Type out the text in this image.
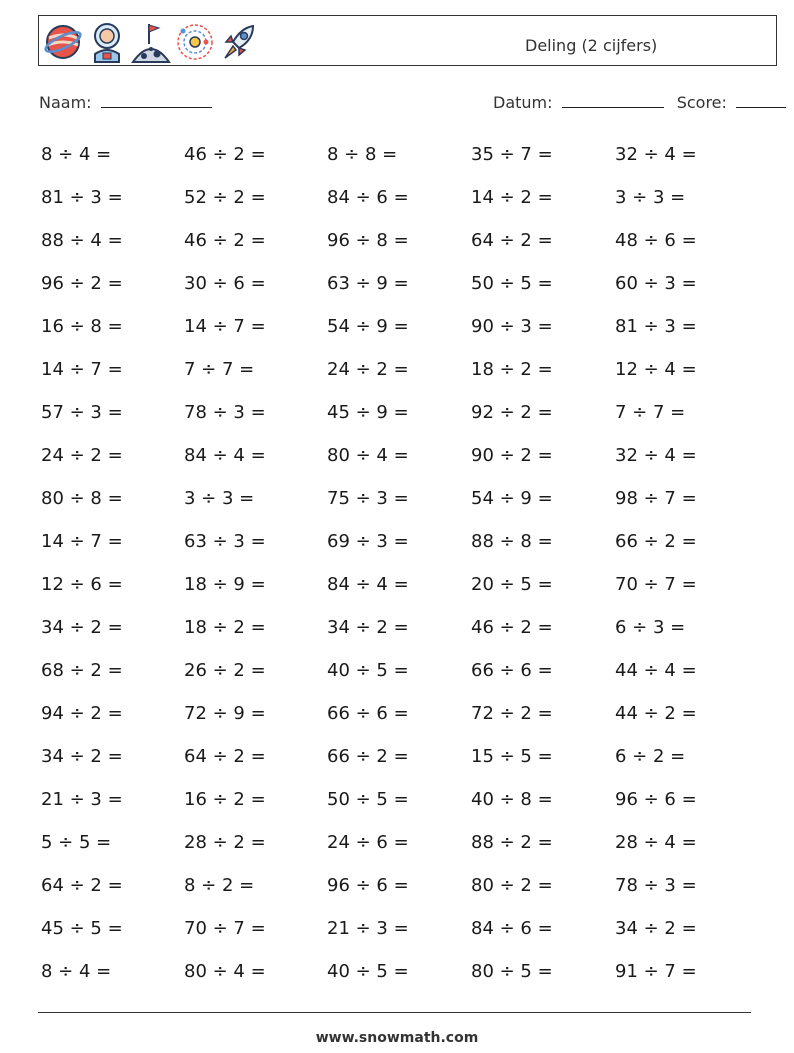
Deling (2 cijfers)
Naam:	Datum:	Score:
8 ÷ 4 =	46 ÷ 2 =	8 ÷ 8 =	35 ÷ 7 =	32 ÷ 4 =
81 ÷ 3 =	52 ÷ 2 =	84 ÷ 6 =	14 ÷ 2 =	3 ÷ 3 =
88 ÷ 4 =	46 ÷ 2 =	96 ÷ 8 =	64 ÷ 2 =	48 ÷ 6 =
96 ÷ 2 =	30 ÷ 6 =	63 ÷ 9 =	50 ÷ 5 =	60 ÷ 3 =
16 ÷ 8 =	14 ÷ 7 =	54 ÷ 9 =	90 ÷ 3 =	81 ÷ 3 =
14 ÷ 7 =	7 ÷ 7 =	24 ÷ 2 =	18 ÷ 2 =	12 ÷ 4 =
57 ÷ 3 =	78 ÷ 3 =	45 ÷ 9 =	92 ÷ 2 =	7 ÷ 7 =
24 ÷ 2 =	84 ÷ 4 =	80 ÷ 4 =	90 ÷ 2 =	32 ÷ 4 =
80 ÷ 8 =	3 ÷ 3 =	75 ÷ 3 =	54 ÷ 9 =	98 ÷ 7 =
14 ÷ 7 =	63 ÷ 3 =	69 ÷ 3 =	88 ÷ 8 =	66 ÷ 2 =
12 ÷ 6 =	18 ÷ 9 =	84 ÷ 4 =	20 ÷ 5 =	70 ÷ 7 =
34 ÷ 2 =	18 ÷ 2 =	34 ÷ 2 =	46 ÷ 2 =	6 ÷ 3 =
68 ÷ 2 =	26 ÷ 2 =	40 ÷ 5 =	66 ÷ 6 =	44 ÷ 4 =
94 ÷ 2 =	72 ÷ 9 =	66 ÷ 6 =	72 ÷ 2 =	44 ÷ 2 =
34 ÷ 2 =	64 ÷ 2 =	66 ÷ 2 =	15 ÷ 5 =	6 ÷ 2 =
21 ÷ 3 =	16 ÷ 2 =	50 ÷ 5 =	40 ÷ 8 =	96 ÷ 6 =
5 ÷ 5 =	28 ÷ 2 =	24 ÷ 6 =	88 ÷ 2 =	28 ÷ 4 =
64 ÷ 2 =	8 ÷ 2 =	96 ÷ 6 =	80 ÷ 2 =	78 ÷ 3 =
45 ÷ 5 =	70 ÷ 7 =	21 ÷ 3 =	84 ÷ 6 =	34 ÷ 2 =
8 ÷ 4 =	80 ÷ 4 =	40 ÷ 5 =	80 ÷ 5 =	91 ÷ 7 =
www.snowmath.com
